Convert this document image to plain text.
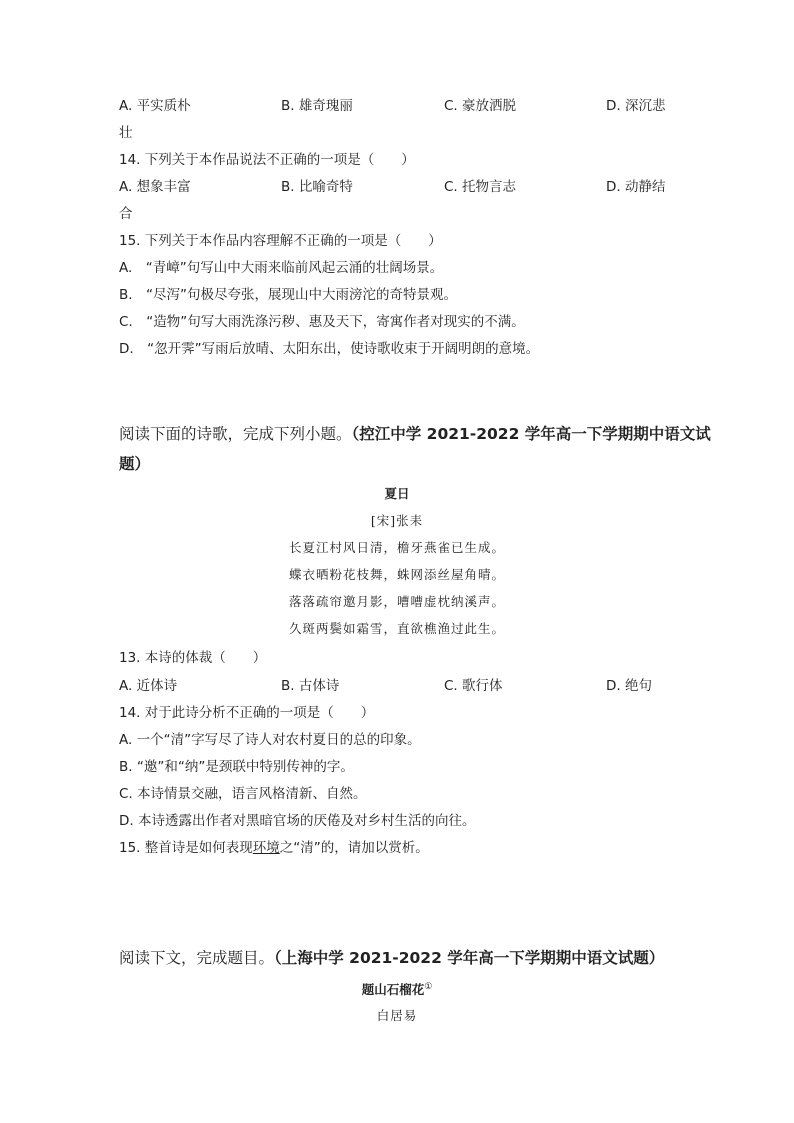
A. 平实质朴	B. 雄奇瑰丽	C. 豪放洒脱	D. 深沉悲
壮
14. 下列关于本作品说法不正确的一项是（　　）
A. 想象丰富	B. 比喻奇特	C. 托物言志	D. 动静结
合
15. 下列关于本作品内容理解不正确的一项是（　　）
A.　“青嶂”句写山中大雨来临前风起云涌的壮阔场景。
B.　“尽泻”句极尽夸张，展现山中大雨滂沱的奇特景观。
C.　“造物”句写大雨洗涤污秽、惠及天下，寄寓作者对现实的不满。
D.　“忽开霁”写雨后放晴、太阳东出，使诗歌收束于开阔明朗的意境。
阅读下面的诗歌，完成下列小题。（控江中学 2021-2022 学年高一下学期期中语文试
题）
夏日
[宋]张耒
长夏江村风日清，檐牙燕雀已生成。
蝶衣晒粉花枝舞，蛛网添丝屋角晴。
落落疏帘邀月影，嘈嘈虚枕纳溪声。
久斑两鬓如霜雪，直欲樵渔过此生。
13. 本诗的体裁（　　）
A. 近体诗	B. 古体诗	C. 歌行体	D. 绝句
14. 对于此诗分析不正确的一项是（　　）
A. 一个“清”字写尽了诗人对农村夏日的总的印象。
B. “邀”和“纳”是颈联中特别传神的字。
C. 本诗情景交融，语言风格清新、自然。
D. 本诗透露出作者对黑暗官场的厌倦及对乡村生活的向往。
15. 整首诗是如何表现环境之“清”的，请加以赏析。
阅读下文，完成题目。（上海中学 2021-2022 学年高一下学期期中语文试题）
题山石榴花①
白居易
